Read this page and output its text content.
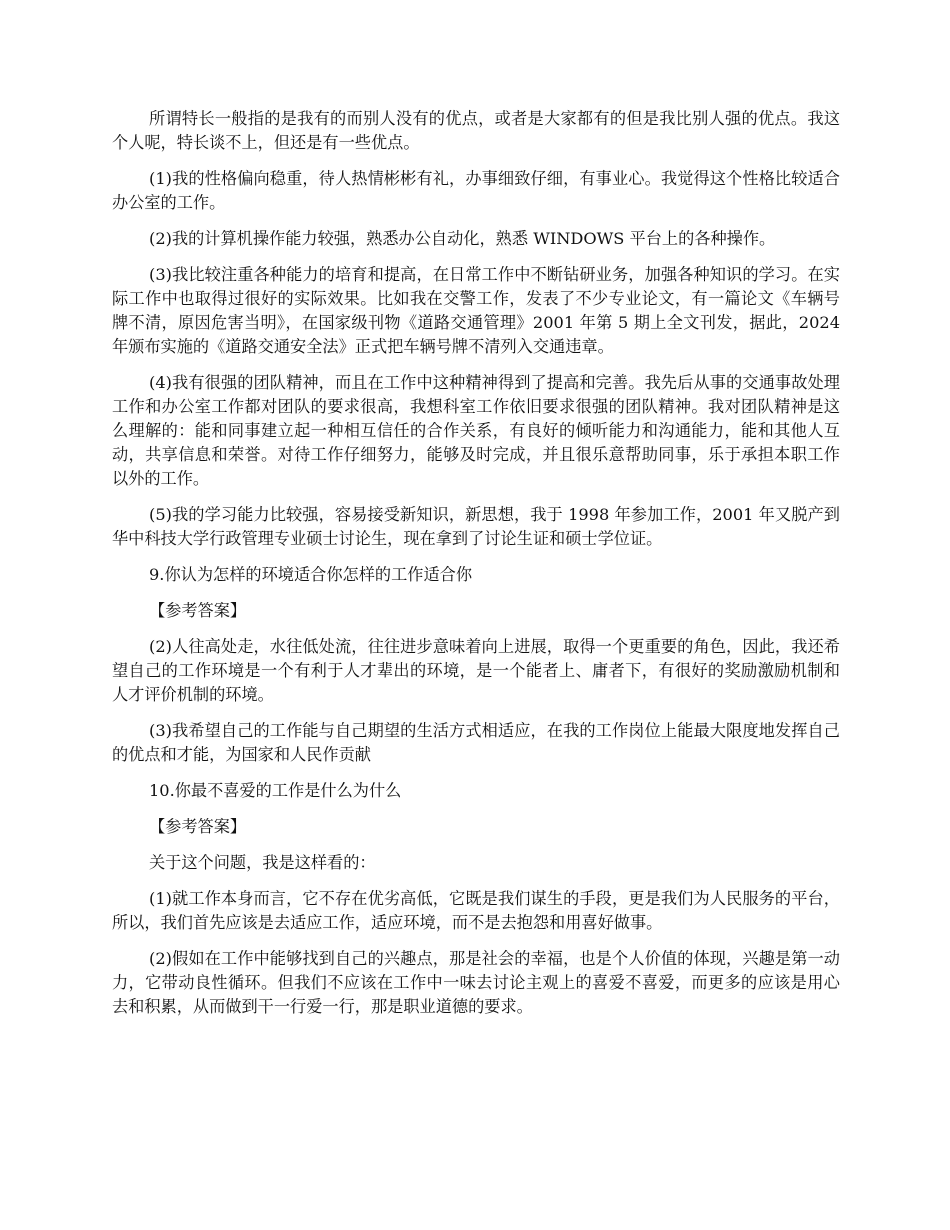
所谓特长一般指的是我有的而别人没有的优点，或者是大家都有的但是我比别人强的优点。我这个人呢，特长谈不上，但还是有一些优点。

(1)我的性格偏向稳重，待人热情彬彬有礼，办事细致仔细，有事业心。我觉得这个性格比较适合办公室的工作。

(2)我的计算机操作能力较强，熟悉办公自动化，熟悉 WINDOWS 平台上的各种操作。

(3)我比较注重各种能力的培育和提高，在日常工作中不断钻研业务，加强各种知识的学习。在实际工作中也取得过很好的实际效果。比如我在交警工作，发表了不少专业论文，有一篇论文《车辆号牌不清，原因危害当明》，在国家级刊物《道路交通管理》2001 年第 5 期上全文刊发，据此，2024 年颁布实施的《道路交通安全法》正式把车辆号牌不清列入交通违章。

(4)我有很强的团队精神，而且在工作中这种精神得到了提高和完善。我先后从事的交通事故处理工作和办公室工作都对团队的要求很高，我想科室工作依旧要求很强的团队精神。我对团队精神是这么理解的：能和同事建立起一种相互信任的合作关系，有良好的倾听能力和沟通能力，能和其他人互动，共享信息和荣誉。对待工作仔细努力，能够及时完成，并且很乐意帮助同事，乐于承担本职工作以外的工作。

(5)我的学习能力比较强，容易接受新知识，新思想，我于 1998 年参加工作，2001 年又脱产到华中科技大学行政管理专业硕士讨论生，现在拿到了讨论生证和硕士学位证。

9.你认为怎样的环境适合你怎样的工作适合你

【参考答案】

(2)人往高处走，水往低处流，往往进步意味着向上进展，取得一个更重要的角色，因此，我还希望自己的工作环境是一个有利于人才辈出的环境，是一个能者上、庸者下，有很好的奖励激励机制和人才评价机制的环境。

(3)我希望自己的工作能与自己期望的生活方式相适应，在我的工作岗位上能最大限度地发挥自己的优点和才能，为国家和人民作贡献

10.你最不喜爱的工作是什么为什么

【参考答案】

关于这个问题，我是这样看的：

(1)就工作本身而言，它不存在优劣高低，它既是我们谋生的手段，更是我们为人民服务的平台，所以，我们首先应该是去适应工作，适应环境，而不是去抱怨和用喜好做事。

(2)假如在工作中能够找到自己的兴趣点，那是社会的幸福，也是个人价值的体现，兴趣是第一动力，它带动良性循环。但我们不应该在工作中一味去讨论主观上的喜爱不喜爱，而更多的应该是用心去和积累，从而做到干一行爱一行，那是职业道德的要求。
